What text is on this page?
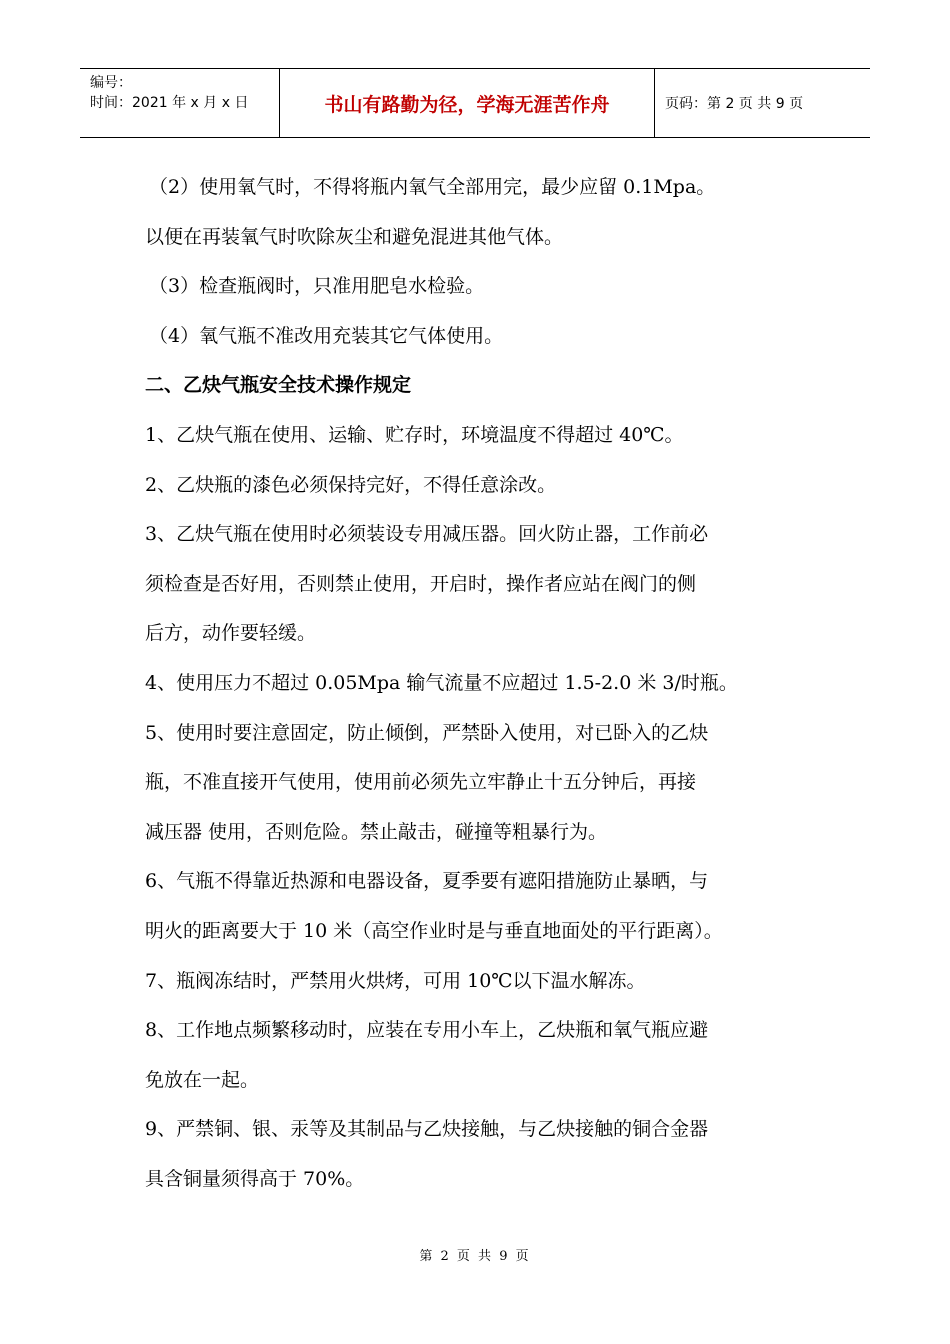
编号：
时间：2021 年 x 月 x 日	书山有路勤为径，学海无涯苦作舟	页码：第 2 页 共 9 页
（2）使用氧气时，不得将瓶内氧气全部用完，最少应留 0.1Mpa。
以便在再装氧气时吹除灰尘和避免混进其他气体。
（3）检查瓶阀时，只准用肥皂水检验。
（4）氧气瓶不准改用充装其它气体使用。
二、乙炔气瓶安全技术操作规定
1、乙炔气瓶在使用、运输、贮存时，环境温度不得超过 40℃。
2、乙炔瓶的漆色必须保持完好，不得任意涂改。
3、乙炔气瓶在使用时必须装设专用减压器。回火防止器，工作前必
须检查是否好用，否则禁止使用，开启时，操作者应站在阀门的侧
后方，动作要轻缓。
4、使用压力不超过 0.05Mpa 输气流量不应超过 1.5-2.0 米 3/时瓶。
5、使用时要注意固定，防止倾倒，严禁卧入使用，对已卧入的乙炔
瓶，不准直接开气使用，使用前必须先立牢静止十五分钟后，再接
减压器 使用，否则危险。禁止敲击，碰撞等粗暴行为。
6、气瓶不得靠近热源和电器设备，夏季要有遮阳措施防止暴晒，与
明火的距离要大于 10 米（高空作业时是与垂直地面处的平行距离）。
7、瓶阀冻结时，严禁用火烘烤，可用 10℃以下温水解冻。
8、工作地点频繁移动时，应装在专用小车上，乙炔瓶和氧气瓶应避
免放在一起。
9、严禁铜、银、汞等及其制品与乙炔接触，与乙炔接触的铜合金器
具含铜量须得高于 70%。
第 2 页 共 9 页
